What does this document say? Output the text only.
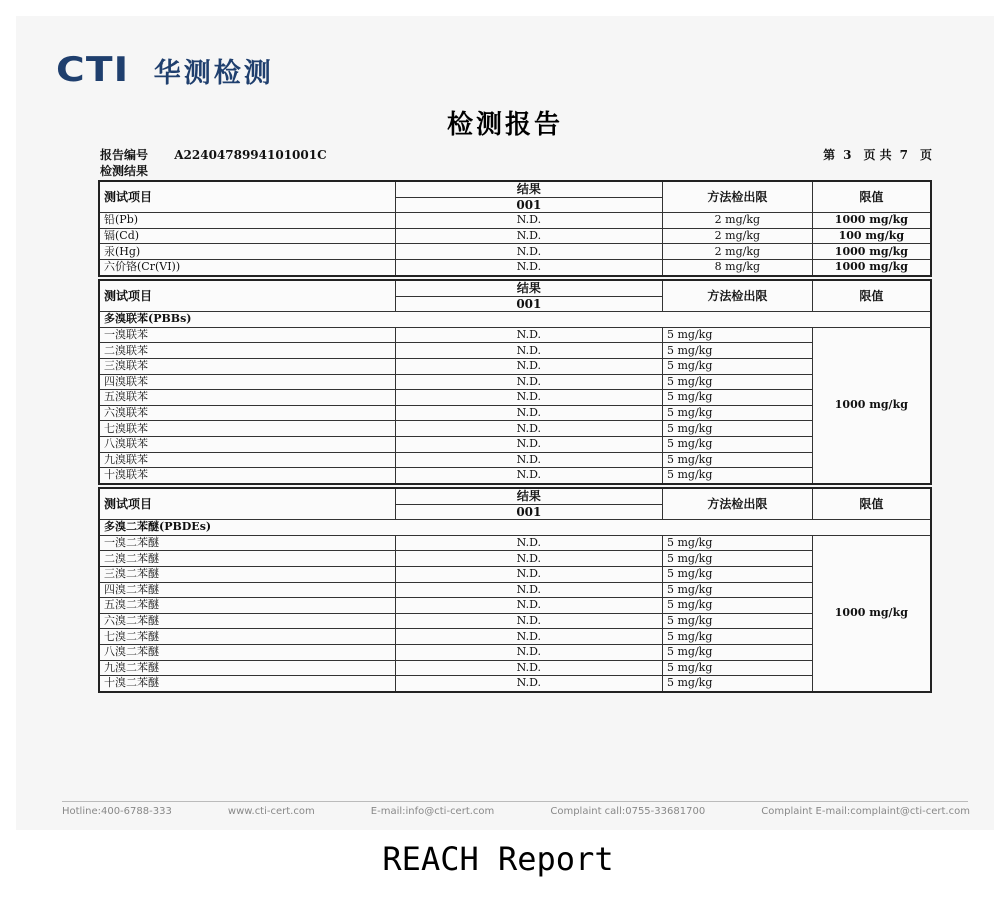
CTI 华测检测
检测报告
报告编号 A2240478994101001C	第 3 页 共 7 页
检测结果
测试项目	结果	方法检出限	限值
	001		
铅(Pb)	N.D.	2 mg/kg	1000 mg/kg
镉(Cd)	N.D.	2 mg/kg	100 mg/kg
汞(Hg)	N.D.	2 mg/kg	1000 mg/kg
六价铬(Cr(VI))	N.D.	8 mg/kg	1000 mg/kg
测试项目	结果	方法检出限	限值
	001		
多溴联苯(PBBs)			
一溴联苯	N.D.	5 mg/kg	1000 mg/kg
二溴联苯	N.D.	5 mg/kg	
三溴联苯	N.D.	5 mg/kg	
四溴联苯	N.D.	5 mg/kg	
五溴联苯	N.D.	5 mg/kg	
六溴联苯	N.D.	5 mg/kg	
七溴联苯	N.D.	5 mg/kg	
八溴联苯	N.D.	5 mg/kg	
九溴联苯	N.D.	5 mg/kg	
十溴联苯	N.D.	5 mg/kg	
测试项目	结果	方法检出限	限值
	001		
多溴二苯醚(PBDEs)			
一溴二苯醚	N.D.	5 mg/kg	1000 mg/kg
二溴二苯醚	N.D.	5 mg/kg	
三溴二苯醚	N.D.	5 mg/kg	
四溴二苯醚	N.D.	5 mg/kg	
五溴二苯醚	N.D.	5 mg/kg	
六溴二苯醚	N.D.	5 mg/kg	
七溴二苯醚	N.D.	5 mg/kg	
八溴二苯醚	N.D.	5 mg/kg	
九溴二苯醚	N.D.	5 mg/kg	
十溴二苯醚	N.D.	5 mg/kg	
Hotline:400-6788-333	www.cti-cert.com	E-mail:info@cti-cert.com	Complaint call:0755-33681700	Complaint E-mail:complaint@cti-cert.com
REACH Report
